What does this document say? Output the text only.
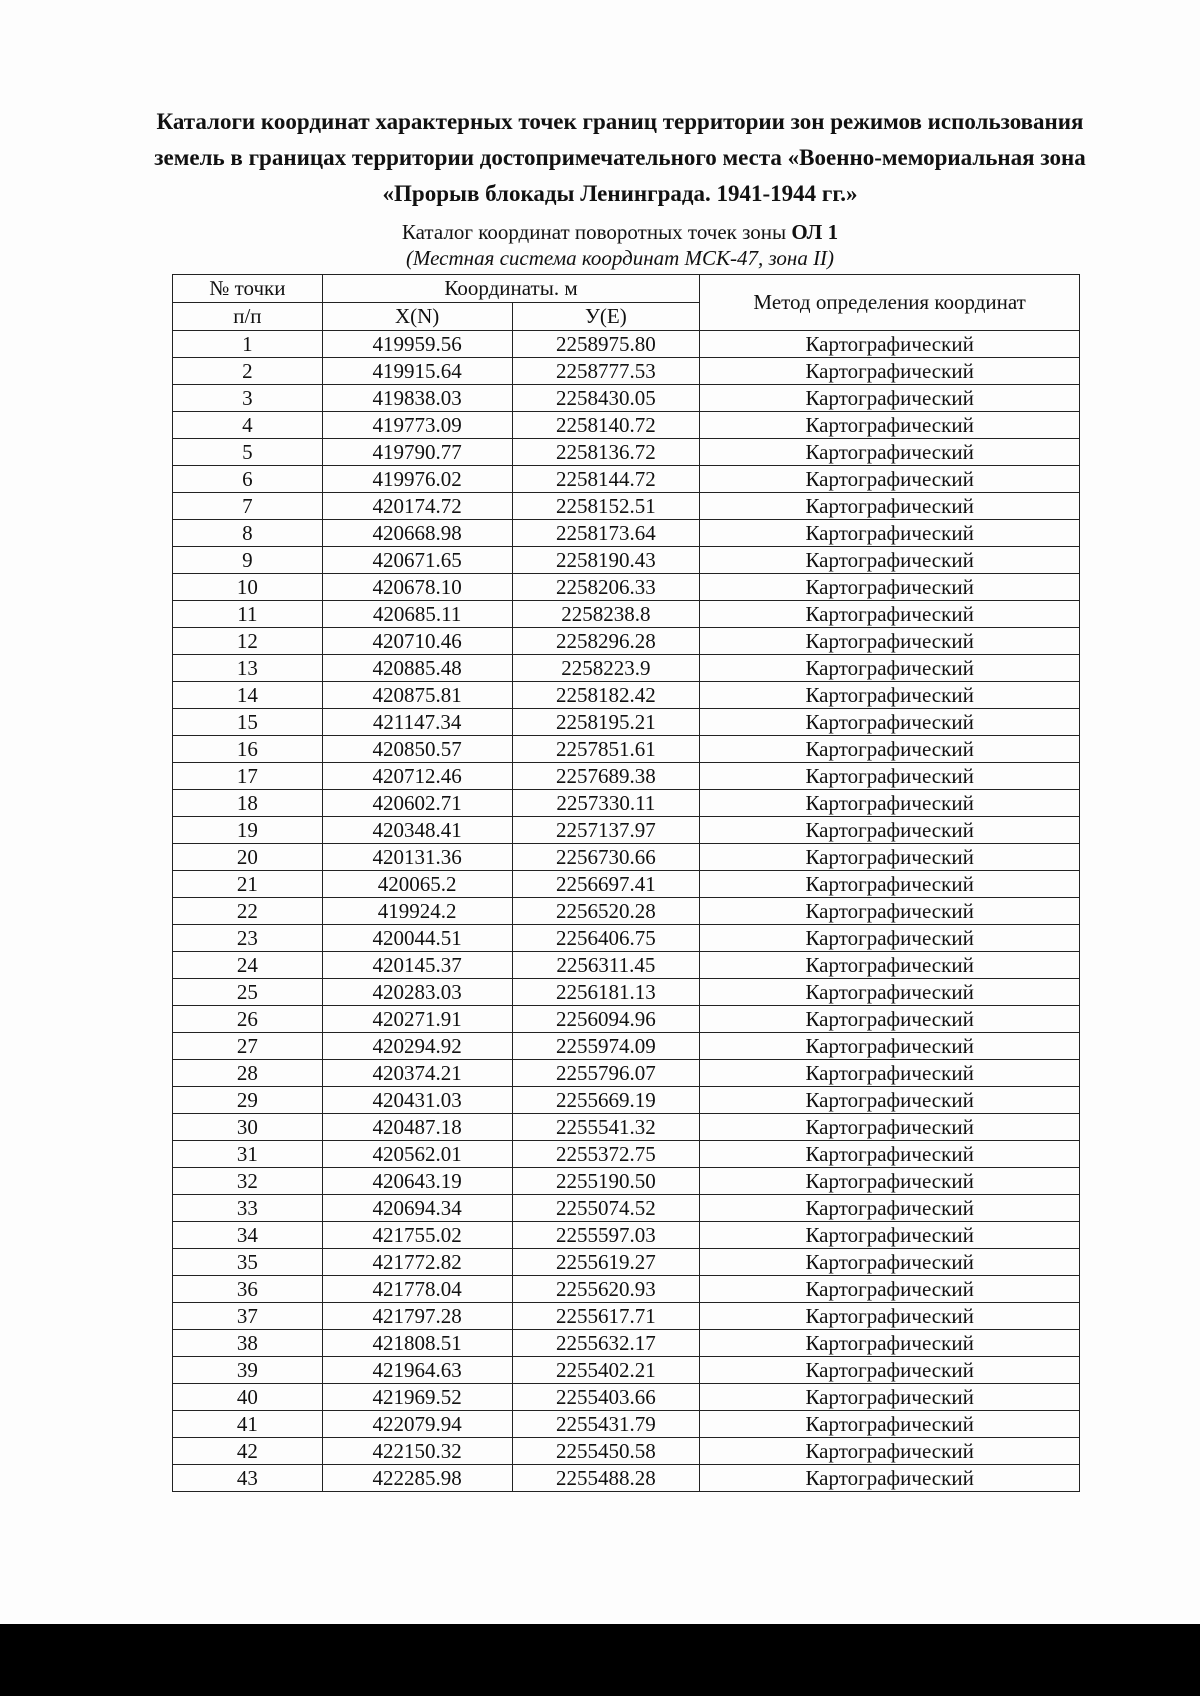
Каталоги координат характерных точек границ территории зон режимов использования
земель в границах территории достопримечательного места «Военно-мемориальная зона
«Прорыв блокады Ленинграда. 1941-1944 гг.»
Каталог координат поворотных точек зоны ОЛ 1
(Местная система координат МСК-47, зона II)
№ точки	Координаты. м		Метод определения координат
п/п	X(N)	У(E)	
1	419959.56	2258975.80	Картографический
2	419915.64	2258777.53	Картографический
3	419838.03	2258430.05	Картографический
4	419773.09	2258140.72	Картографический
5	419790.77	2258136.72	Картографический
6	419976.02	2258144.72	Картографический
7	420174.72	2258152.51	Картографический
8	420668.98	2258173.64	Картографический
9	420671.65	2258190.43	Картографический
10	420678.10	2258206.33	Картографический
11	420685.11	2258238.8	Картографический
12	420710.46	2258296.28	Картографический
13	420885.48	2258223.9	Картографический
14	420875.81	2258182.42	Картографический
15	421147.34	2258195.21	Картографический
16	420850.57	2257851.61	Картографический
17	420712.46	2257689.38	Картографический
18	420602.71	2257330.11	Картографический
19	420348.41	2257137.97	Картографический
20	420131.36	2256730.66	Картографический
21	420065.2	2256697.41	Картографический
22	419924.2	2256520.28	Картографический
23	420044.51	2256406.75	Картографический
24	420145.37	2256311.45	Картографический
25	420283.03	2256181.13	Картографический
26	420271.91	2256094.96	Картографический
27	420294.92	2255974.09	Картографический
28	420374.21	2255796.07	Картографический
29	420431.03	2255669.19	Картографический
30	420487.18	2255541.32	Картографический
31	420562.01	2255372.75	Картографический
32	420643.19	2255190.50	Картографический
33	420694.34	2255074.52	Картографический
34	421755.02	2255597.03	Картографический
35	421772.82	2255619.27	Картографический
36	421778.04	2255620.93	Картографический
37	421797.28	2255617.71	Картографический
38	421808.51	2255632.17	Картографический
39	421964.63	2255402.21	Картографический
40	421969.52	2255403.66	Картографический
41	422079.94	2255431.79	Картографический
42	422150.32	2255450.58	Картографический
43	422285.98	2255488.28	Картографический
